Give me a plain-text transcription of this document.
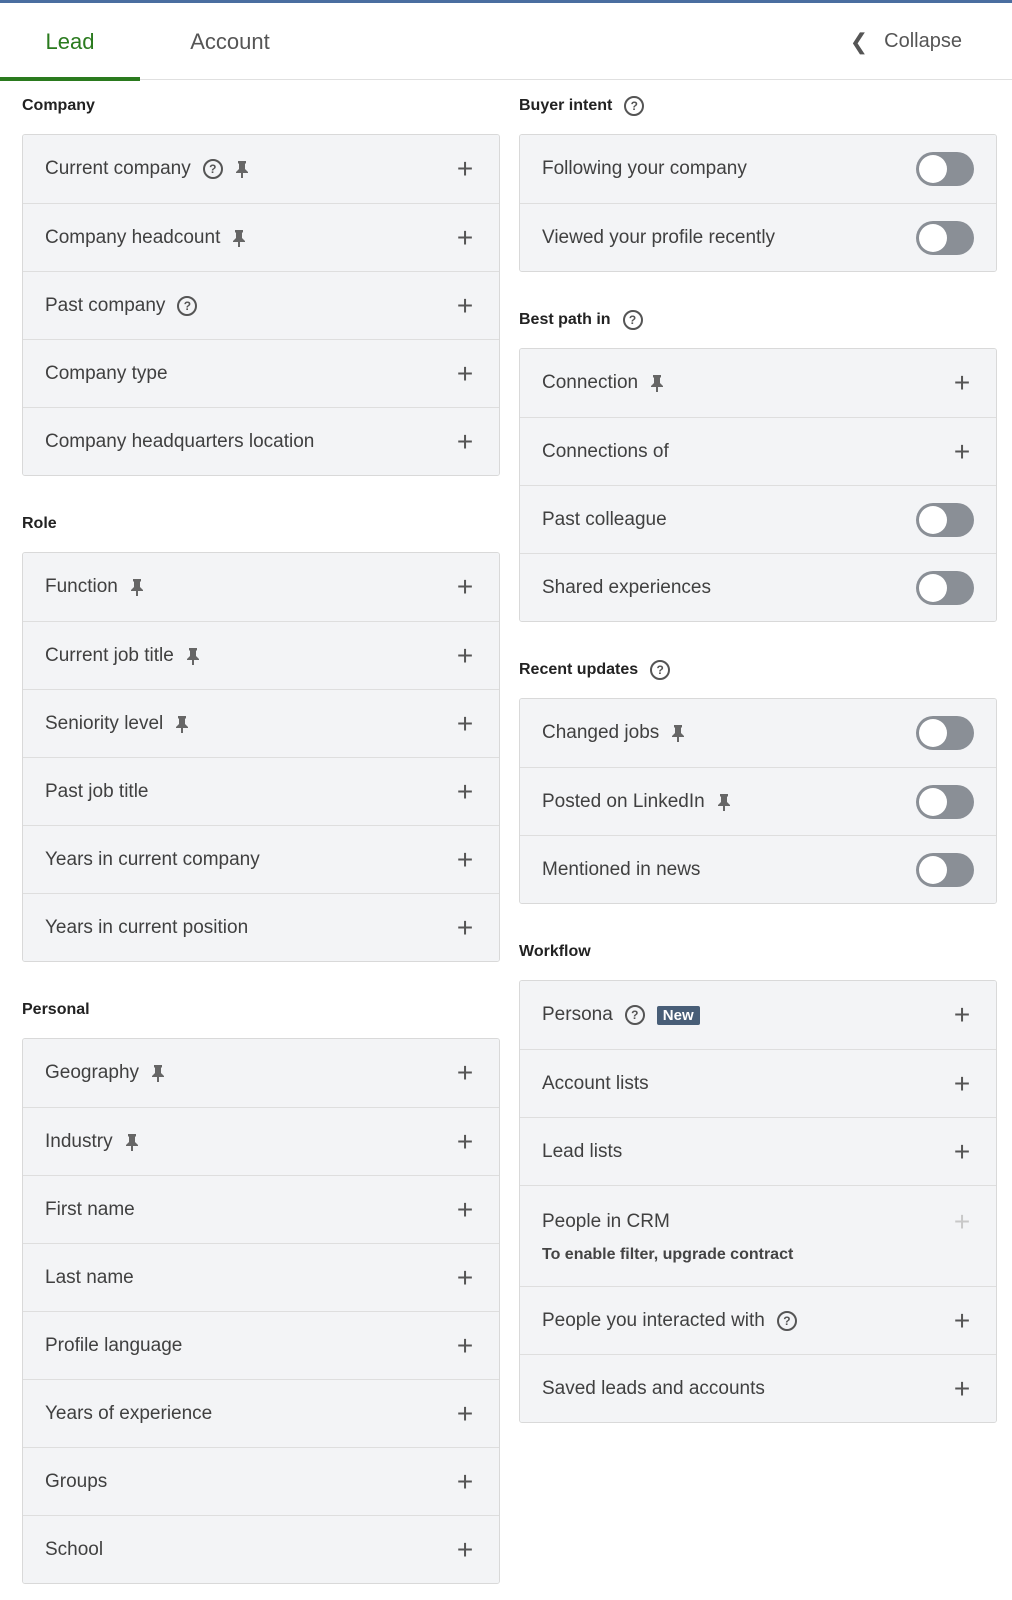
Lead	Account	❮ Collapse
Company
Current company	?	+
Company headcount	+
Past company	?	+
Company type	+
Company headquarters location	+
Role
Function	+
Current job title	+
Seniority level	+
Past job title	+
Years in current company	+
Years in current position	+
Personal
Geography	+
Industry	+
First name	+
Last name	+
Profile language	+
Years of experience	+
Groups	+
School	+
Buyer intent	?
Following your company
Viewed your profile recently
Best path in	?
Connection	+
Connections of	+
Past colleague
Shared experiences
Recent updates	?
Changed jobs
Posted on LinkedIn
Mentioned in news
Workflow
Persona	?	New	+
Account lists	+
Lead lists	+
People in CRM	+
To enable filter, upgrade contract
People you interacted with	?	+
Saved leads and accounts	+
